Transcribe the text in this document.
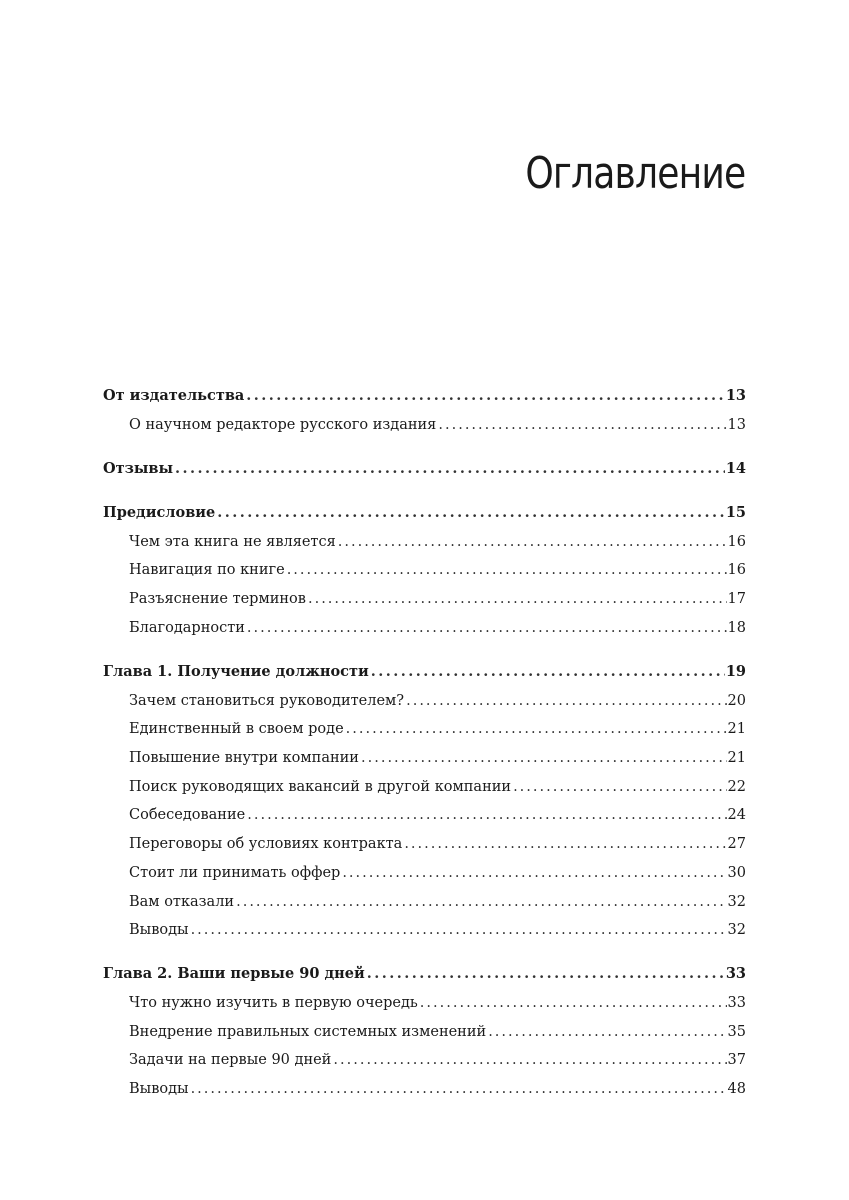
Оглавление
От издательства . . .	13
О научном редакторе русского издания . . .	13
Отзывы . . .	14
Предисловие . . .	15
Чем эта книга не является . . .	16
Навигация по книге . . .	16
Разъяснение терминов . . .	17
Благодарности . . .	18
Глава 1. Получение должности . . .	19
Зачем становиться руководителем? . . .	20
Единственный в своем роде . . .	21
Повышение внутри компании . . .	21
Поиск руководящих вакансий в другой компании . . .	22
Собеседование . . .	24
Переговоры об условиях контракта . . .	27
Стоит ли принимать оффер . . .	30
Вам отказали . . .	32
Выводы . . .	32
Глава 2. Ваши первые 90 дней . . .	33
Что нужно изучить в первую очередь . . .	33
Внедрение правильных системных изменений . . .	35
Задачи на первые 90 дней . . .	37
Выводы . . .	48
